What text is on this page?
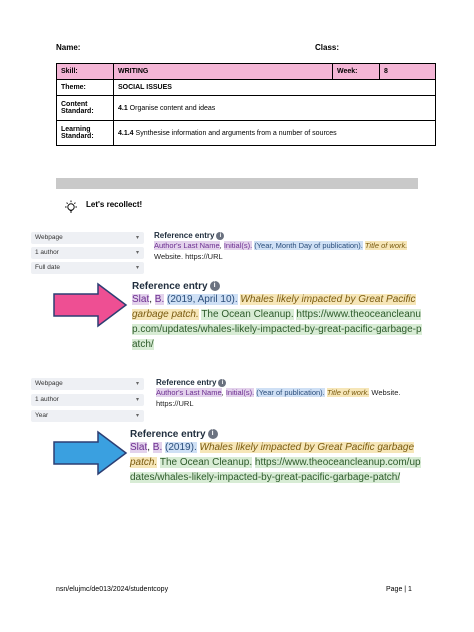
Name:	Class:
Skill:	WRITING	Week:	8
Theme:	SOCIAL ISSUES		
Content Standard:	4.1 Organise content and ideas		
Learning Standard:	4.1.4 Synthesise information and arguments from a number of sources		
Let's recollect!
Webpage	▾
1 author	▾
Full date	▾
Reference entry i
Author's Last Name, Initial(s). (Year, Month Day of publication). Title of work. Website. https://URL
Reference entry i
Slat, B. (2019, April 10). Whales likely impacted by Great Pacific garbage patch. The Ocean Cleanup. https://www.theoceancleanup.com/updates/whales-likely-impacted-by-great-pacific-garbage-patch/
Webpage	▾
1 author	▾
Year	▾
Reference entry i
Author's Last Name, Initial(s). (Year of publication). Title of work. Website. https://URL
Reference entry i
Slat, B. (2019). Whales likely impacted by Great Pacific garbage patch. The Ocean Cleanup. https://www.theoceancleanup.com/updates/whales-likely-impacted-by-great-pacific-garbage-patch/
nsn/elujmc/de013/2024/studentcopy	Page | 1
